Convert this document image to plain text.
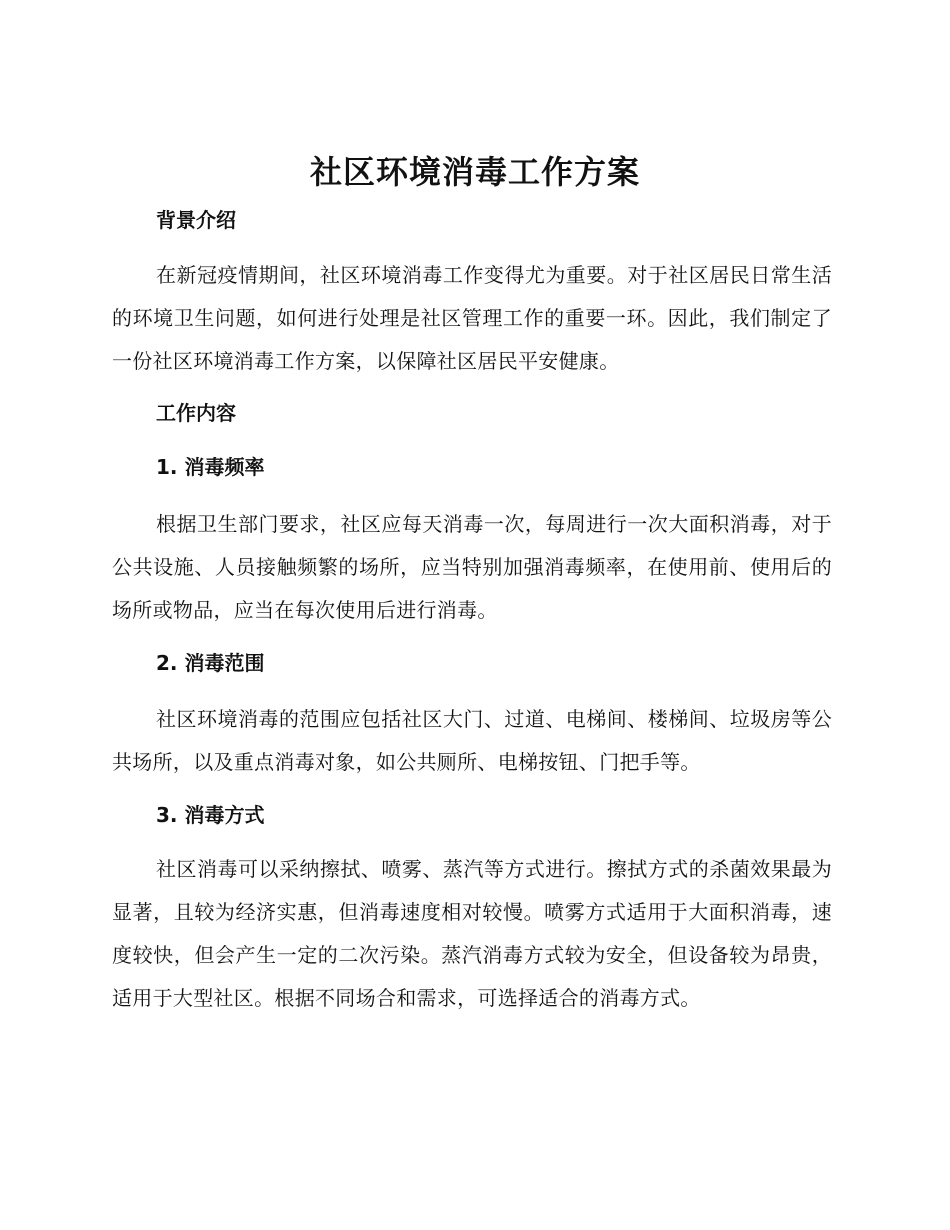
社区环境消毒工作方案
背景介绍

在新冠疫情期间，社区环境消毒工作变得尤为重要。对于社区居民日常生活的环境卫生问题，如何进行处理是社区管理工作的重要一环。因此，我们制定了一份社区环境消毒工作方案，以保障社区居民平安健康。

工作内容
1. 消毒频率

根据卫生部门要求，社区应每天消毒一次，每周进行一次大面积消毒，对于公共设施、人员接触频繁的场所，应当特别加强消毒频率，在使用前、使用后的场所或物品，应当在每次使用后进行消毒。

2. 消毒范围

社区环境消毒的范围应包括社区大门、过道、电梯间、楼梯间、垃圾房等公共场所，以及重点消毒对象，如公共厕所、电梯按钮、门把手等。

3. 消毒方式

社区消毒可以采纳擦拭、喷雾、蒸汽等方式进行。擦拭方式的杀菌效果最为显著，且较为经济实惠，但消毒速度相对较慢。喷雾方式适用于大面积消毒，速度较快，但会产生一定的二次污染。蒸汽消毒方式较为安全，但设备较为昂贵，适用于大型社区。根据不同场合和需求，可选择适合的消毒方式。
